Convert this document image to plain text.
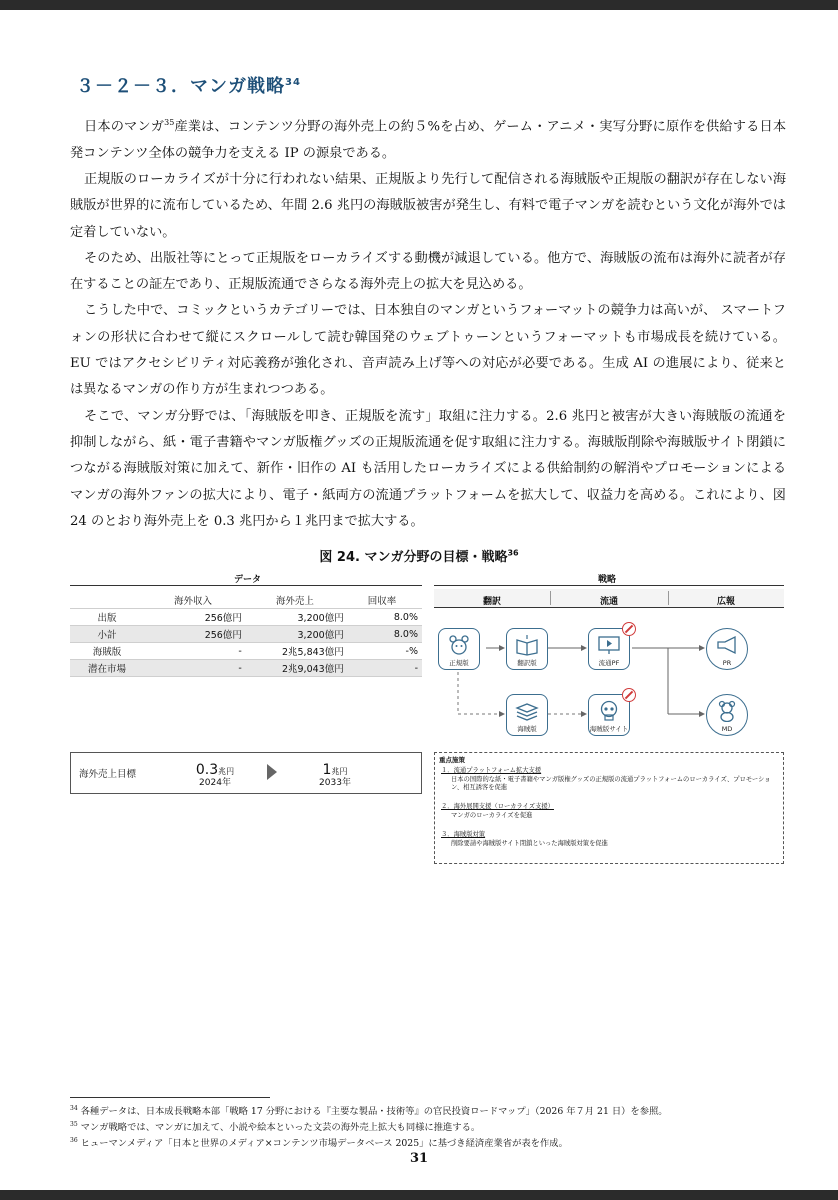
３－２－３．マンガ戦略$^{34}$

日本のマンガ$^{35}$産業は、コンテンツ分野の海外売上の約５%を占め、ゲーム・アニメ・実写分野に原作を供給する日本発コンテンツ全体の競争力を支える IP の源泉である。

正規版のローカライズが十分に行われない結果、正規版より先行して配信される海賊版や正規版の翻訳が存在しない海賊版が世界的に流布しているため、年間 2.6 兆円の海賊版被害が発生し、有料で電子マンガを読むという文化が海外では定着していない。

そのため、出版社等にとって正規版をローカライズする動機が減退している。他方で、海賊版の流布は海外に読者が存在することの証左であり、正規版流通でさらなる海外売上の拡大を見込める。

こうした中で、コミックというカテゴリーでは、日本独自のマンガというフォーマットの競争力は高いが、 スマートフォンの形状に合わせて縦にスクロールして読む韓国発のウェブトゥーンというフォーマットも市場成長を続けている。EU ではアクセシビリティ対応義務が強化され、音声読み上げ等への対応が必要である。生成 AI の進展により、従来とは異なるマンガの作り方が生まれつつある。

そこで、マンガ分野では、「海賊版を叩き、正規版を流す」取組に注力する。2.6 兆円と被害が大きい海賊版の流通を抑制しながら、紙・電子書籍やマンガ版権グッズの正規版流通を促す取組に注力する。海賊版削除や海賊版サイト閉鎖につながる海賊版対策に加えて、新作・旧作の AI も活用したローカライズによる供給制約の解消やプロモーションによるマンガの海外ファンの拡大により、電子・紙両方の流通プラットフォームを拡大して、収益力を高める。これにより、図 24 のとおり海外売上を 0.3 兆円から１兆円まで拡大する。

図 24. マンガ分野の目標・戦略$^{36}$
データ
	海外収入	海外売上	回収率
出版	256億円	3,200億円	8.0%
小計	256億円	3,200億円	8.0%
海賊版	-	2兆5,843億円	-%
潜在市場	-	2兆9,043億円	-
海外売上目標	0.3兆円
2024年
1兆円
2033年
戦略
翻訳	流通	広報
正規版	翻訳版	流通PF	PR
海賊版	海賊版サイト	MD
重点施策
１．流通プラットフォーム拡大支援
日本の国際的な紙・電子書籍やマンガ版権グッズの正規版の流通プラットフォームのローカライズ、プロモーション、相互誘客を促進
２．海外展開支援（ローカライズ支援）
マンガのローカライズを促進
３．海賊版対策
削除要請や海賊版サイト閉鎖といった海賊版対策を促進
$^{34}$ 各種データは、日本成長戦略本部「戦略 17 分野における『主要な製品・技術等』の官民投資ロードマップ」（2026 年７月 21 日）を参照。
$^{35}$ マンガ戦略では、マンガに加えて、小説や絵本といった文芸の海外売上拡大も同様に推進する。
$^{36}$ ヒューマンメディア「日本と世界のメディア×コンテンツ市場データベース 2025」に基づき経済産業省が表を作成。
31
